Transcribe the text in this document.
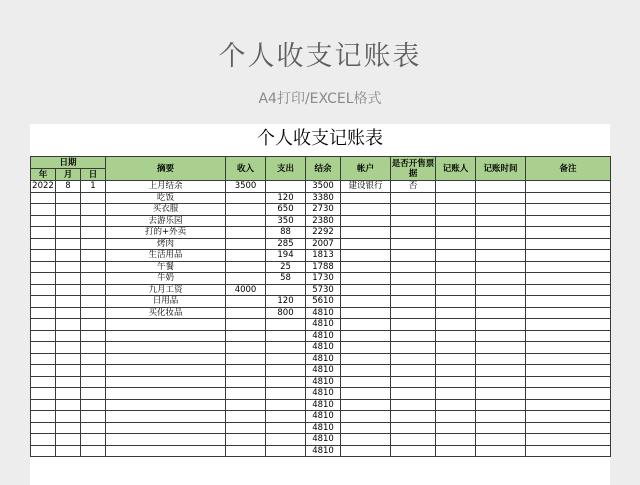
个人收支记账表
A4打印/EXCEL格式
个人收支记账表
日期			摘要	收入	支出	结余	帐户	是否开售票据	记账人	记账时间	备注
年	月	日									
2022	8	1	上月结余	3500		3500	建设银行	否			
			吃饭		120	3380					
			买衣服		650	2730					
			去游乐园		350	2380					
			打的+外卖		88	2292					
			烤肉		285	2007					
			生活用品		194	1813					
			午餐		25	1788					
			牛奶		58	1730					
			九月工资	4000		5730					
			日用品		120	5610					
			买化妆品		800	4810					
						4810					
						4810					
						4810					
						4810					
						4810					
						4810					
						4810					
						4810					
						4810					
						4810					
						4810					
						4810					
